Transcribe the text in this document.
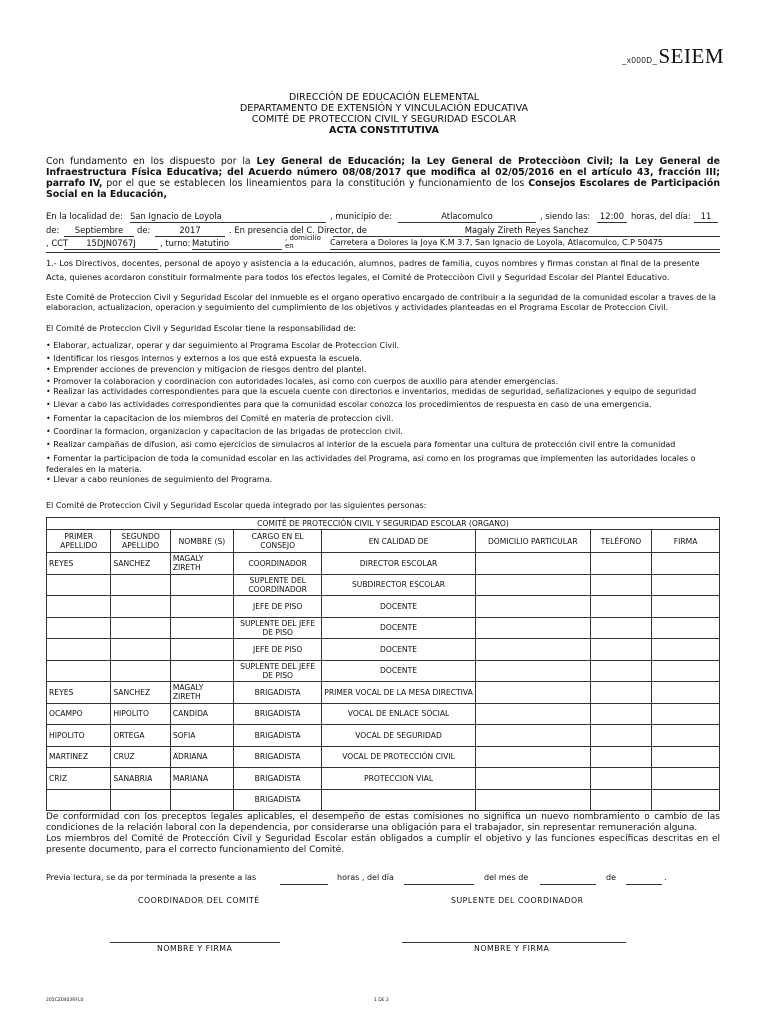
_x000D_SEIEM
DIRECCIÓN DE EDUCACIÓN ELEMENTAL
DEPARTAMENTO DE EXTENSIÓN Y VINCULACIÓN EDUCATIVA
COMITÉ DE PROTECCION CIVIL Y SEGURIDAD ESCOLAR
ACTA CONSTITUTIVA
Con fundamento en los dispuesto por la Ley General de Educación; la Ley General de Protecciòon Civil; la Ley General de Infraestructura Física Educativa; del Acuerdo número 08/08/2017 que modifica al 02/05/2016 en el artículo 43, fracción III; parrafo IV, por el que se establecen los lineamientos para la constitución y funcionamiento de los Consejos Escolares de Participación Social en la Educación,
En la localidad de: San Ignacio de Loyola	, municipio de:	Atlacomulco	, siendo las:	12:00 horas, del día:	11
de:	Septiembre	de:	2017	. En presencia del C. Director, de	Magaly Zireth Reyes Sanchez
, CCT	15DJN0767J	, turno: Matutino	, domicilio en	Carretera a Dolores la Joya K.M 3.7, San Ignacio de Loyola, Atlacomulco, C.P 50475
1.- Los Directivos, docentes, personal de apoyo y asistencia a la educación, alumnos, padres de familia, cuyos nombres y firmas constan al final de la presente Acta, quienes acordaron constituir formalmente para todos los efectos legales, el Comité de Protecciòon Civil y Seguridad Escolar del Plantel Educativo.
Este Comité de Proteccion Civil y Seguridad Escolar del inmueble es el organo operativo encargado de contribuir a la seguridad de la comunidad escolar a traves de la elaboracion, actualizacion, operacion y seguimiento del cumplimiento de los objetivos y actividades planteadas en el Programa Escolar de Proteccion Civil.
El Comité de Proteccion Civil y Seguridad Escolar tiene la responsabilidad de:
• Elaborar, actualizar, operar y dar seguimiento al Programa Escolar de Proteccion Civil.
• Identificar los riesgos internos y externos a los que está expuesta la escuela.
• Emprender acciones de prevencion y mitigacion de riesgos dentro del plantel.
• Promover la colaboracion y coordinacion con autoridades locales, asi como con cuerpos de auxilio para atender emergencias.
• Realizar las actividades correspondientes para que la escuela cuente con directorios e inventarios, medidas de seguridad, señalizaciones y equipo de seguridad
• Llevar a cabo las actividades correspondientes para que la comunidad escolar conozca los procedimientos de respuesta en caso de una emergencia.
• Fomentar la capacitacion de los miembros del Comité en materia de proteccion civil.
• Coordinar la formacion, organizacion y capacitacion de las brigadas de proteccion civil.
• Realizar campañas de difusion, asi como ejercicios de simulacros al interior de la escuela para fomentar una cultura de protección civil entre la comunidad
• Fomentar la participacion de toda la comunidad escolar en las actividades del Programa, asi como en los programas que implementen las autoridades locales o federales en la materia.
• Llevar a cabo reuniones de seguimiento del Programa.
El Comité de Proteccion Civil y Seguridad Escolar queda integrado por las siguientes personas:
COMITÉ DE PROTECCIÓN CIVIL Y SEGURIDAD ESCOLAR (ORGANO)							
PRIMER APELLIDO	SEGUNDO APELLIDO	NOMBRE (S)	CARGO EN EL CONSEJO	EN CALIDAD DE	DOMICILIO PARTICULAR	TELÉFONO	FIRMA
REYES	SANCHEZ	MAGALY ZIRETH	COORDINADOR	DIRECTOR ESCOLAR			
			SUPLENTE DEL COORDINADOR	SUBDIRECTOR ESCOLAR			
			JEFE DE PISO	DOCENTE			
			SUPLENTE DEL JEFE DE PISO	DOCENTE			
			JEFE DE PISO	DOCENTE			
			SUPLENTE DEL JEFE DE PISO	DOCENTE			
REYES	SANCHEZ	MAGALY ZIRETH	BRIGADISTA	PRIMER VOCAL DE LA MESA DIRECTIVA			
OCAMPO	HIPOLITO	CANDIDA	BRIGADISTA	VOCAL DE ENLACE SOCIAL			
HIPOLITO	ORTEGA	SOFIA	BRIGADISTA	VOCAL DE SEGURIDAD			
MARTINEZ	CRUZ	ADRIANA	BRIGADISTA	VOCAL DE PROTECCIÓN CIVIL			
CRIZ	SANABRIA	MARIANA	BRIGADISTA	PROTECCION VIAL			
			BRIGADISTA				
De conformidad con los preceptos legales aplicables, el desempeño de estas comisiones no significa un nuevo nombramiento o cambio de las condiciones de la relación laboral con la dependencia, por considerarse una obligación para el trabajador, sin representar remuneración alguna.
Los miembros del Comité de Protección Civil y Seguridad Escolar están obligados a cumplir el objetivo y las funciones específicas descritas en el presente documento, para el correcto funcionamiento del Comité.
Previa lectura, se da por terminada la presente a las	horas , del día	del mes de	de	.
COORDINADOR DEL COMITÉ	SUPLENTE DEL COORDINADOR
NOMBRE Y FIRMA	NOMBRE Y FIRMA
205CZ0403RFL0	1 DE 2
